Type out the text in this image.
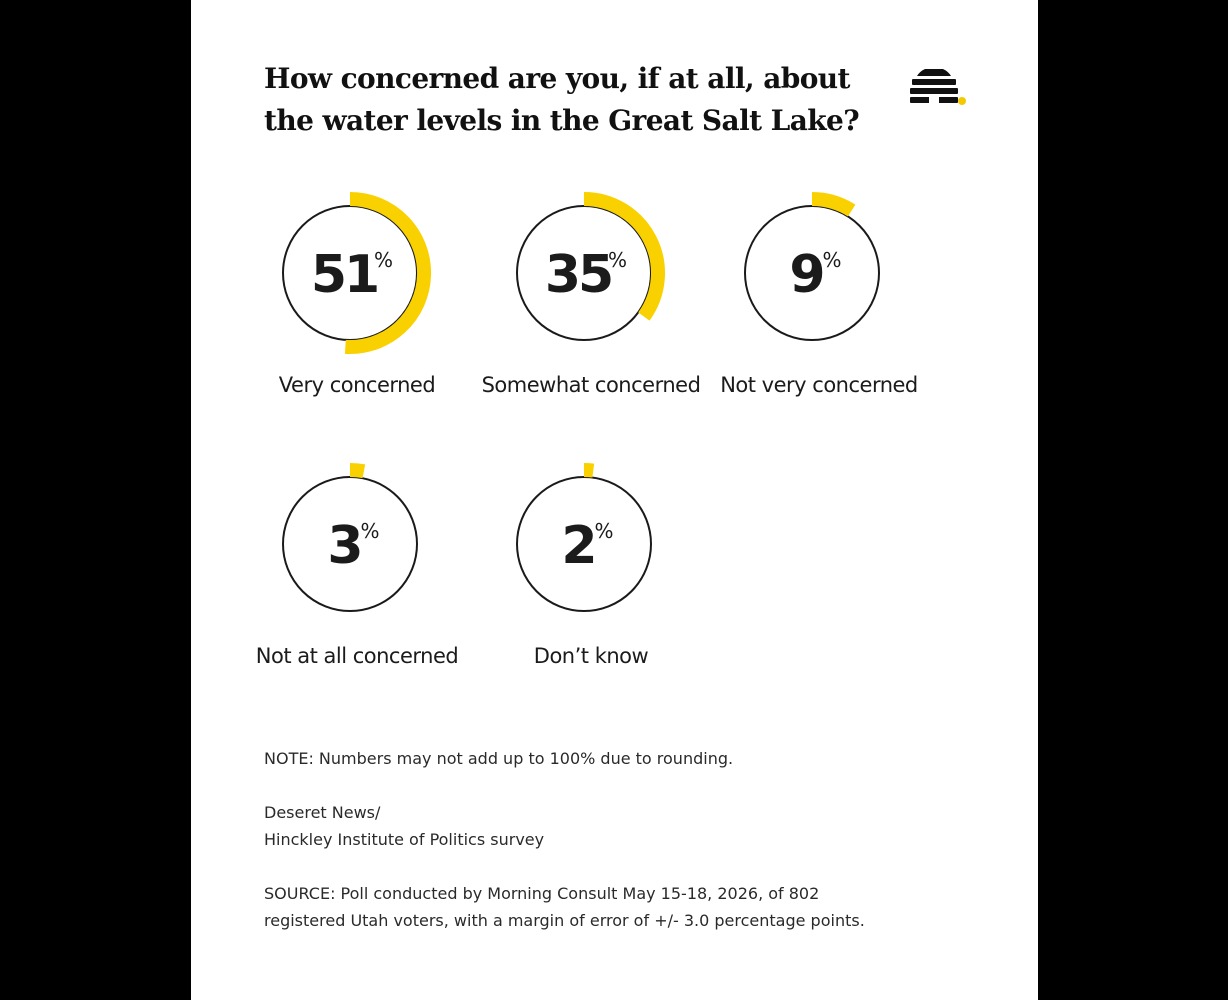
How concerned are you, if at all, about the water levels in the Great Salt Lake?
51
%
Very concerned
35
%
Somewhat concerned
9 %
Not very concerned
3 %
Not at all concerned
2 %
Don’t know

NOTE: Numbers may not add up to 100% due to rounding.

Deseret News/

Hinckley Institute of Politics survey

SOURCE: Poll conducted by Morning Consult May 15-18, 2026, of 802

registered Utah voters, with a margin of error of +/- 3.0 percentage points.
